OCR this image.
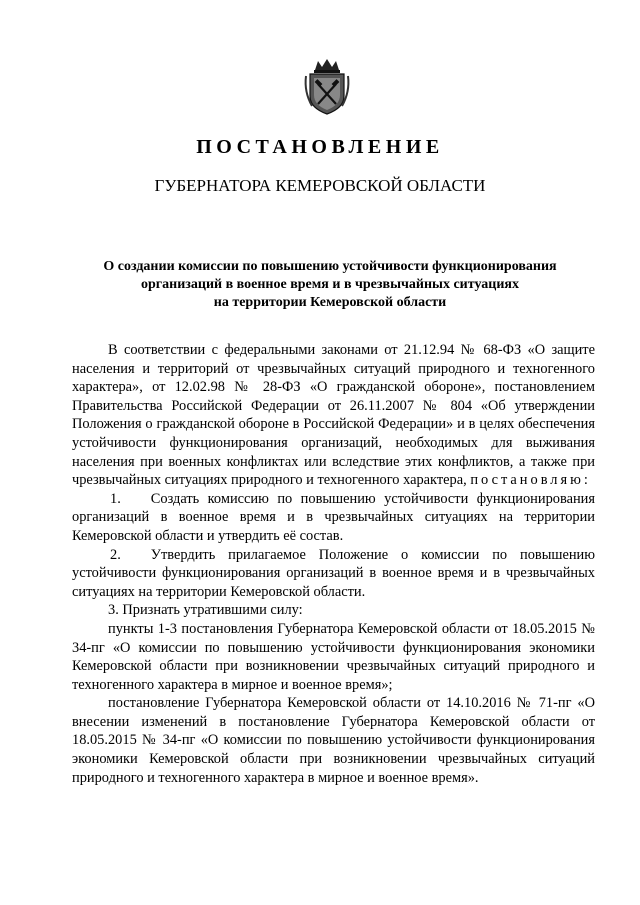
ПОСТАНОВЛЕНИЕ
ГУБЕРНАТОРА КЕМЕРОВСКОЙ ОБЛАСТИ
О создании комиссии по повышению устойчивости функционирования
организаций в военное время и в чрезвычайных ситуациях
на территории Кемеровской области

В соответствии с федеральными законами от 21.12.94 № 68-ФЗ «О защите населения и территорий от чрезвычайных ситуаций природного и техногенного характера», от 12.02.98 № 28-ФЗ «О гражданской обороне», постановлением Правительства Российской Федерации от 26.11.2007 № 804 «Об утверждении Положения о гражданской обороне в Российской Федерации» и в целях обеспечения устойчивости функционирования организаций, необходимых для выживания населения при военных конфликтах или вследствие этих конфликтов, а также при чрезвычайных ситуациях природного и техногенного характера, постановляю:

1. Создать комиссию по повышению устойчивости функционирования организаций в военное время и в чрезвычайных ситуациях на территории Кемеровской области и утвердить её состав.

2. Утвердить прилагаемое Положение о комиссии по повышению устойчивости функционирования организаций в военное время и в чрезвычайных ситуациях на территории Кемеровской области.

3. Признать утратившими силу:

пункты 1-3 постановления Губернатора Кемеровской области от 18.05.2015 № 34-пг «О комиссии по повышению устойчивости функционирования экономики Кемеровской области при возникновении чрезвычайных ситуаций природного и техногенного характера в мирное и военное время»;

постановление Губернатора Кемеровской области от 14.10.2016 № 71-пг «О внесении изменений в постановление Губернатора Кемеровской области от 18.05.2015 № 34-пг «О комиссии по повышению устойчивости функционирования экономики Кемеровской области при возникновении чрезвычайных ситуаций природного и техногенного характера в мирное и военное время».
